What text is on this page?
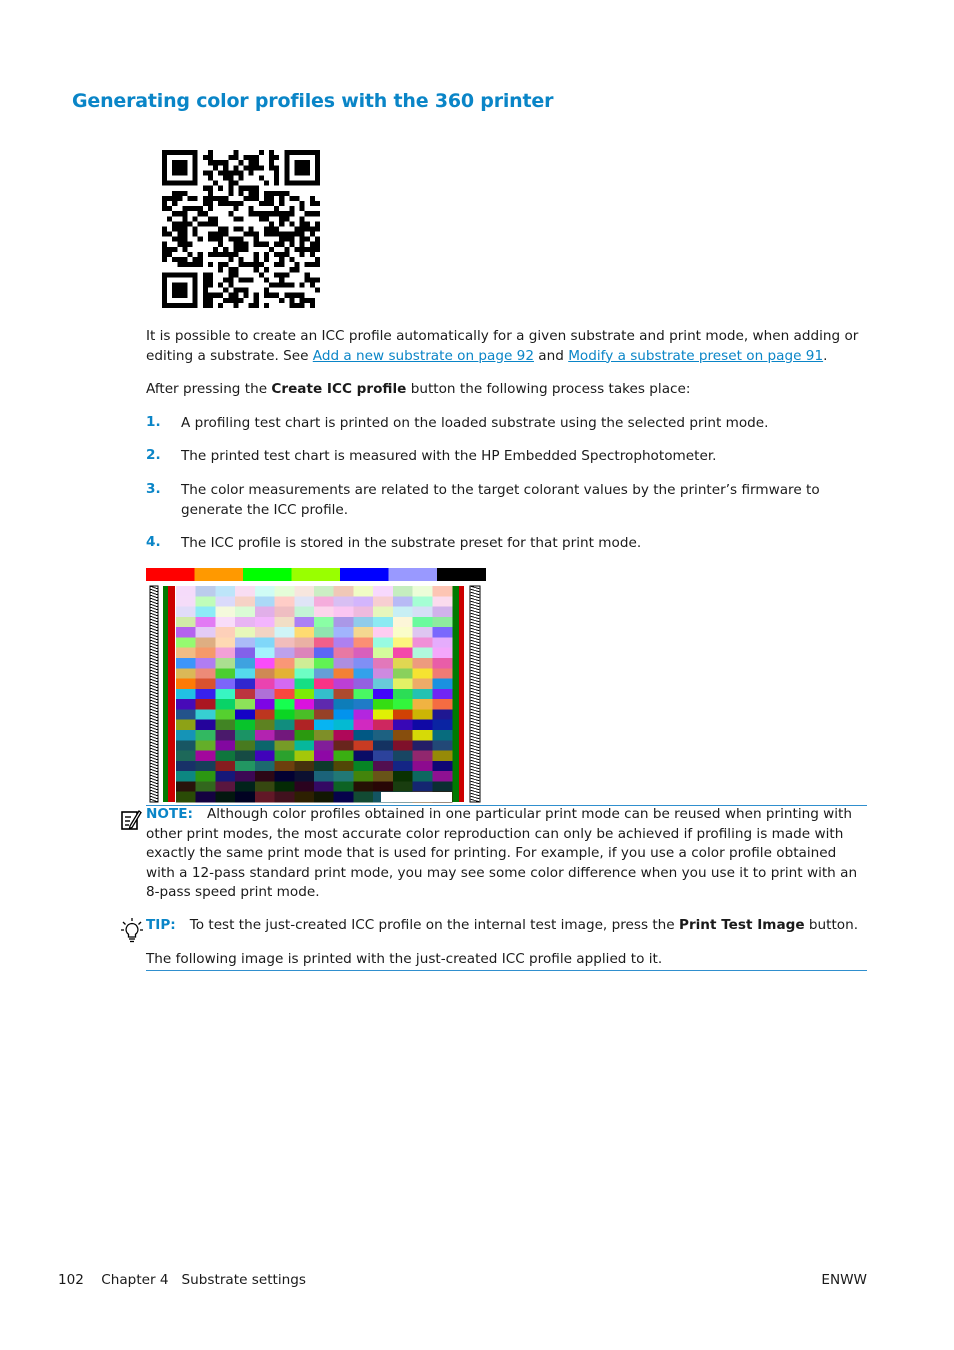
Generating color profiles with the 360 printer

It is possible to create an ICC profile automatically for a given substrate and print mode, when adding or editing a substrate. See Add a new substrate on page 92 and Modify a substrate preset on page 91.

After pressing the Create ICC profile button the following process takes place:

1. A profiling test chart is printed on the loaded substrate using the selected print mode.

2. The printed test chart is measured with the HP Embedded Spectrophotometer.

3. The color measurements are related to the target colorant values by the printer’s firmware to generate the ICC profile.

4. The ICC profile is stored in the substrate preset for that print mode.

NOTE: Although color profiles obtained in one particular print mode can be reused when printing with other print modes, the most accurate color reproduction can only be achieved if profiling is made with exactly the same print mode that is used for printing. For example, if you use a color profile obtained with a 12-pass standard print mode, you may see some color difference when you use it to print with an 8-pass speed print mode.

TIP: To test the just-created ICC profile on the internal test image, press the Print Test Image button.

The following image is printed with the just-created ICC profile applied to it.

102 Chapter 4 Substrate settings	ENWW
